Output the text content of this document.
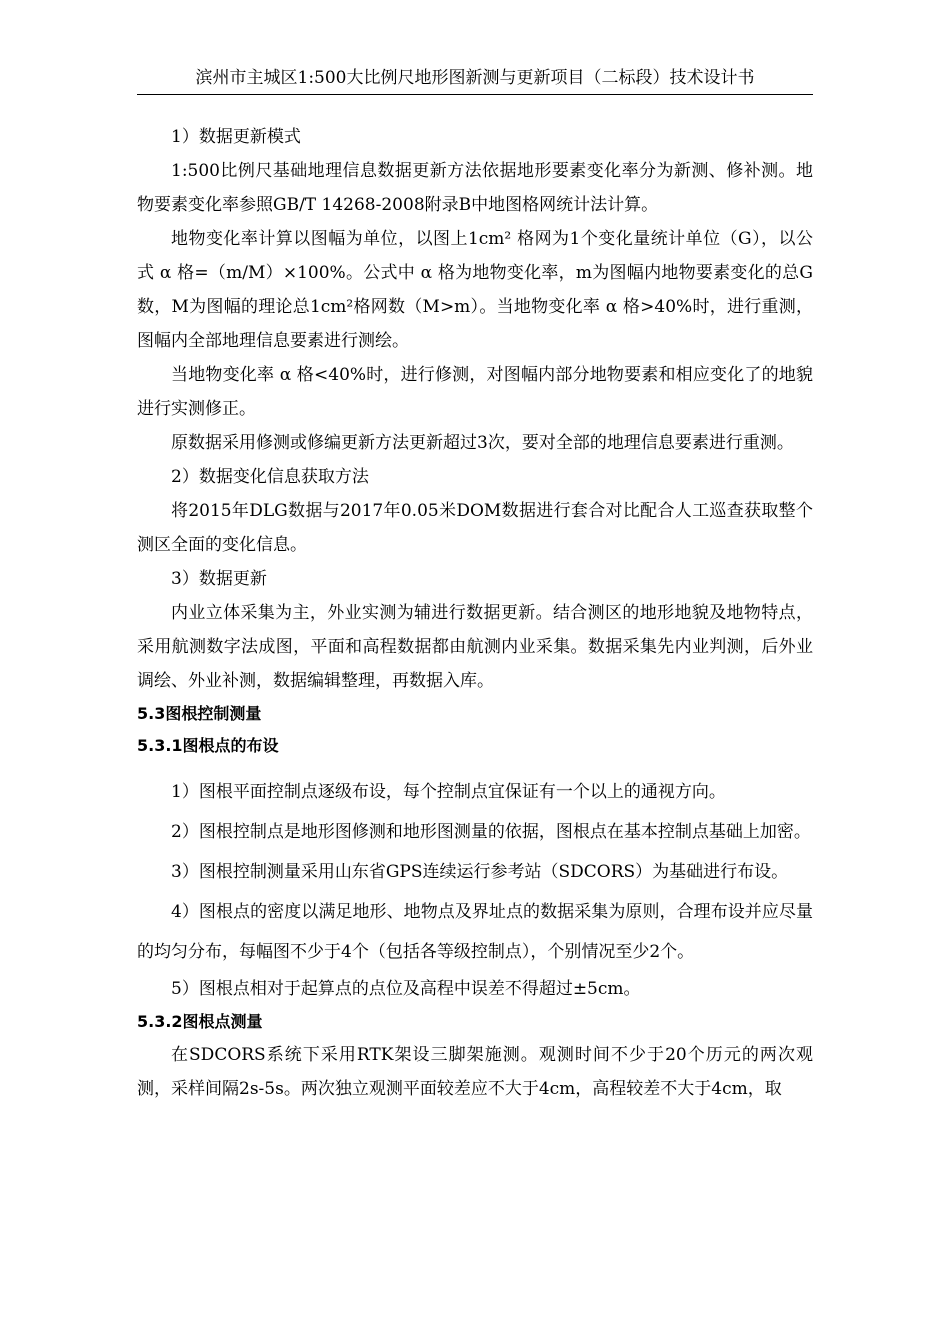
滨州市主城区1:500大比例尺地形图新测与更新项目（二标段）技术设计书

1）数据更新模式

1:500比例尺基础地理信息数据更新方法依据地形要素变化率分为新测、修补测。地物要素变化率参照GB/T 14268-2008附录B中地图格网统计法计算。

地物变化率计算以图幅为单位，以图上1cm² 格网为1个变化量统计单位（G），以公式 α 格=（m/M）×100%。公式中 α 格为地物变化率，m为图幅内地物要素变化的总G数，M为图幅的理论总1cm²格网数（M>m）。当地物变化率 α 格>40%时，进行重测，图幅内全部地理信息要素进行测绘。

当地物变化率 α 格<40%时，进行修测，对图幅内部分地物要素和相应变化了的地貌进行实测修正。

原数据采用修测或修编更新方法更新超过3次，要对全部的地理信息要素进行重测。

2）数据变化信息获取方法

将2015年DLG数据与2017年0.05米DOM数据进行套合对比配合人工巡查获取整个测区全面的变化信息。

3）数据更新

内业立体采集为主，外业实测为辅进行数据更新。结合测区的地形地貌及地物特点，采用航测数字法成图，平面和高程数据都由航测内业采集。数据采集先内业判测，后外业调绘、外业补测，数据编辑整理，再数据入库。

5.3图根控制测量

5.3.1图根点的布设

1）图根平面控制点逐级布设，每个控制点宜保证有一个以上的通视方向。

2）图根控制点是地形图修测和地形图测量的依据，图根点在基本控制点基础上加密。

3）图根控制测量采用山东省GPS连续运行参考站（SDCORS）为基础进行布设。

4）图根点的密度以满足地形、地物点及界址点的数据采集为原则，合理布设并应尽量的均匀分布，每幅图不少于4个（包括各等级控制点），个别情况至少2个。

5）图根点相对于起算点的点位及高程中误差不得超过±5cm。

5.3.2图根点测量

在SDCORS系统下采用RTK架设三脚架施测。观测时间不少于20个历元的两次观测，采样间隔2s-5s。两次独立观测平面较差应不大于4cm，高程较差不大于4cm，取
